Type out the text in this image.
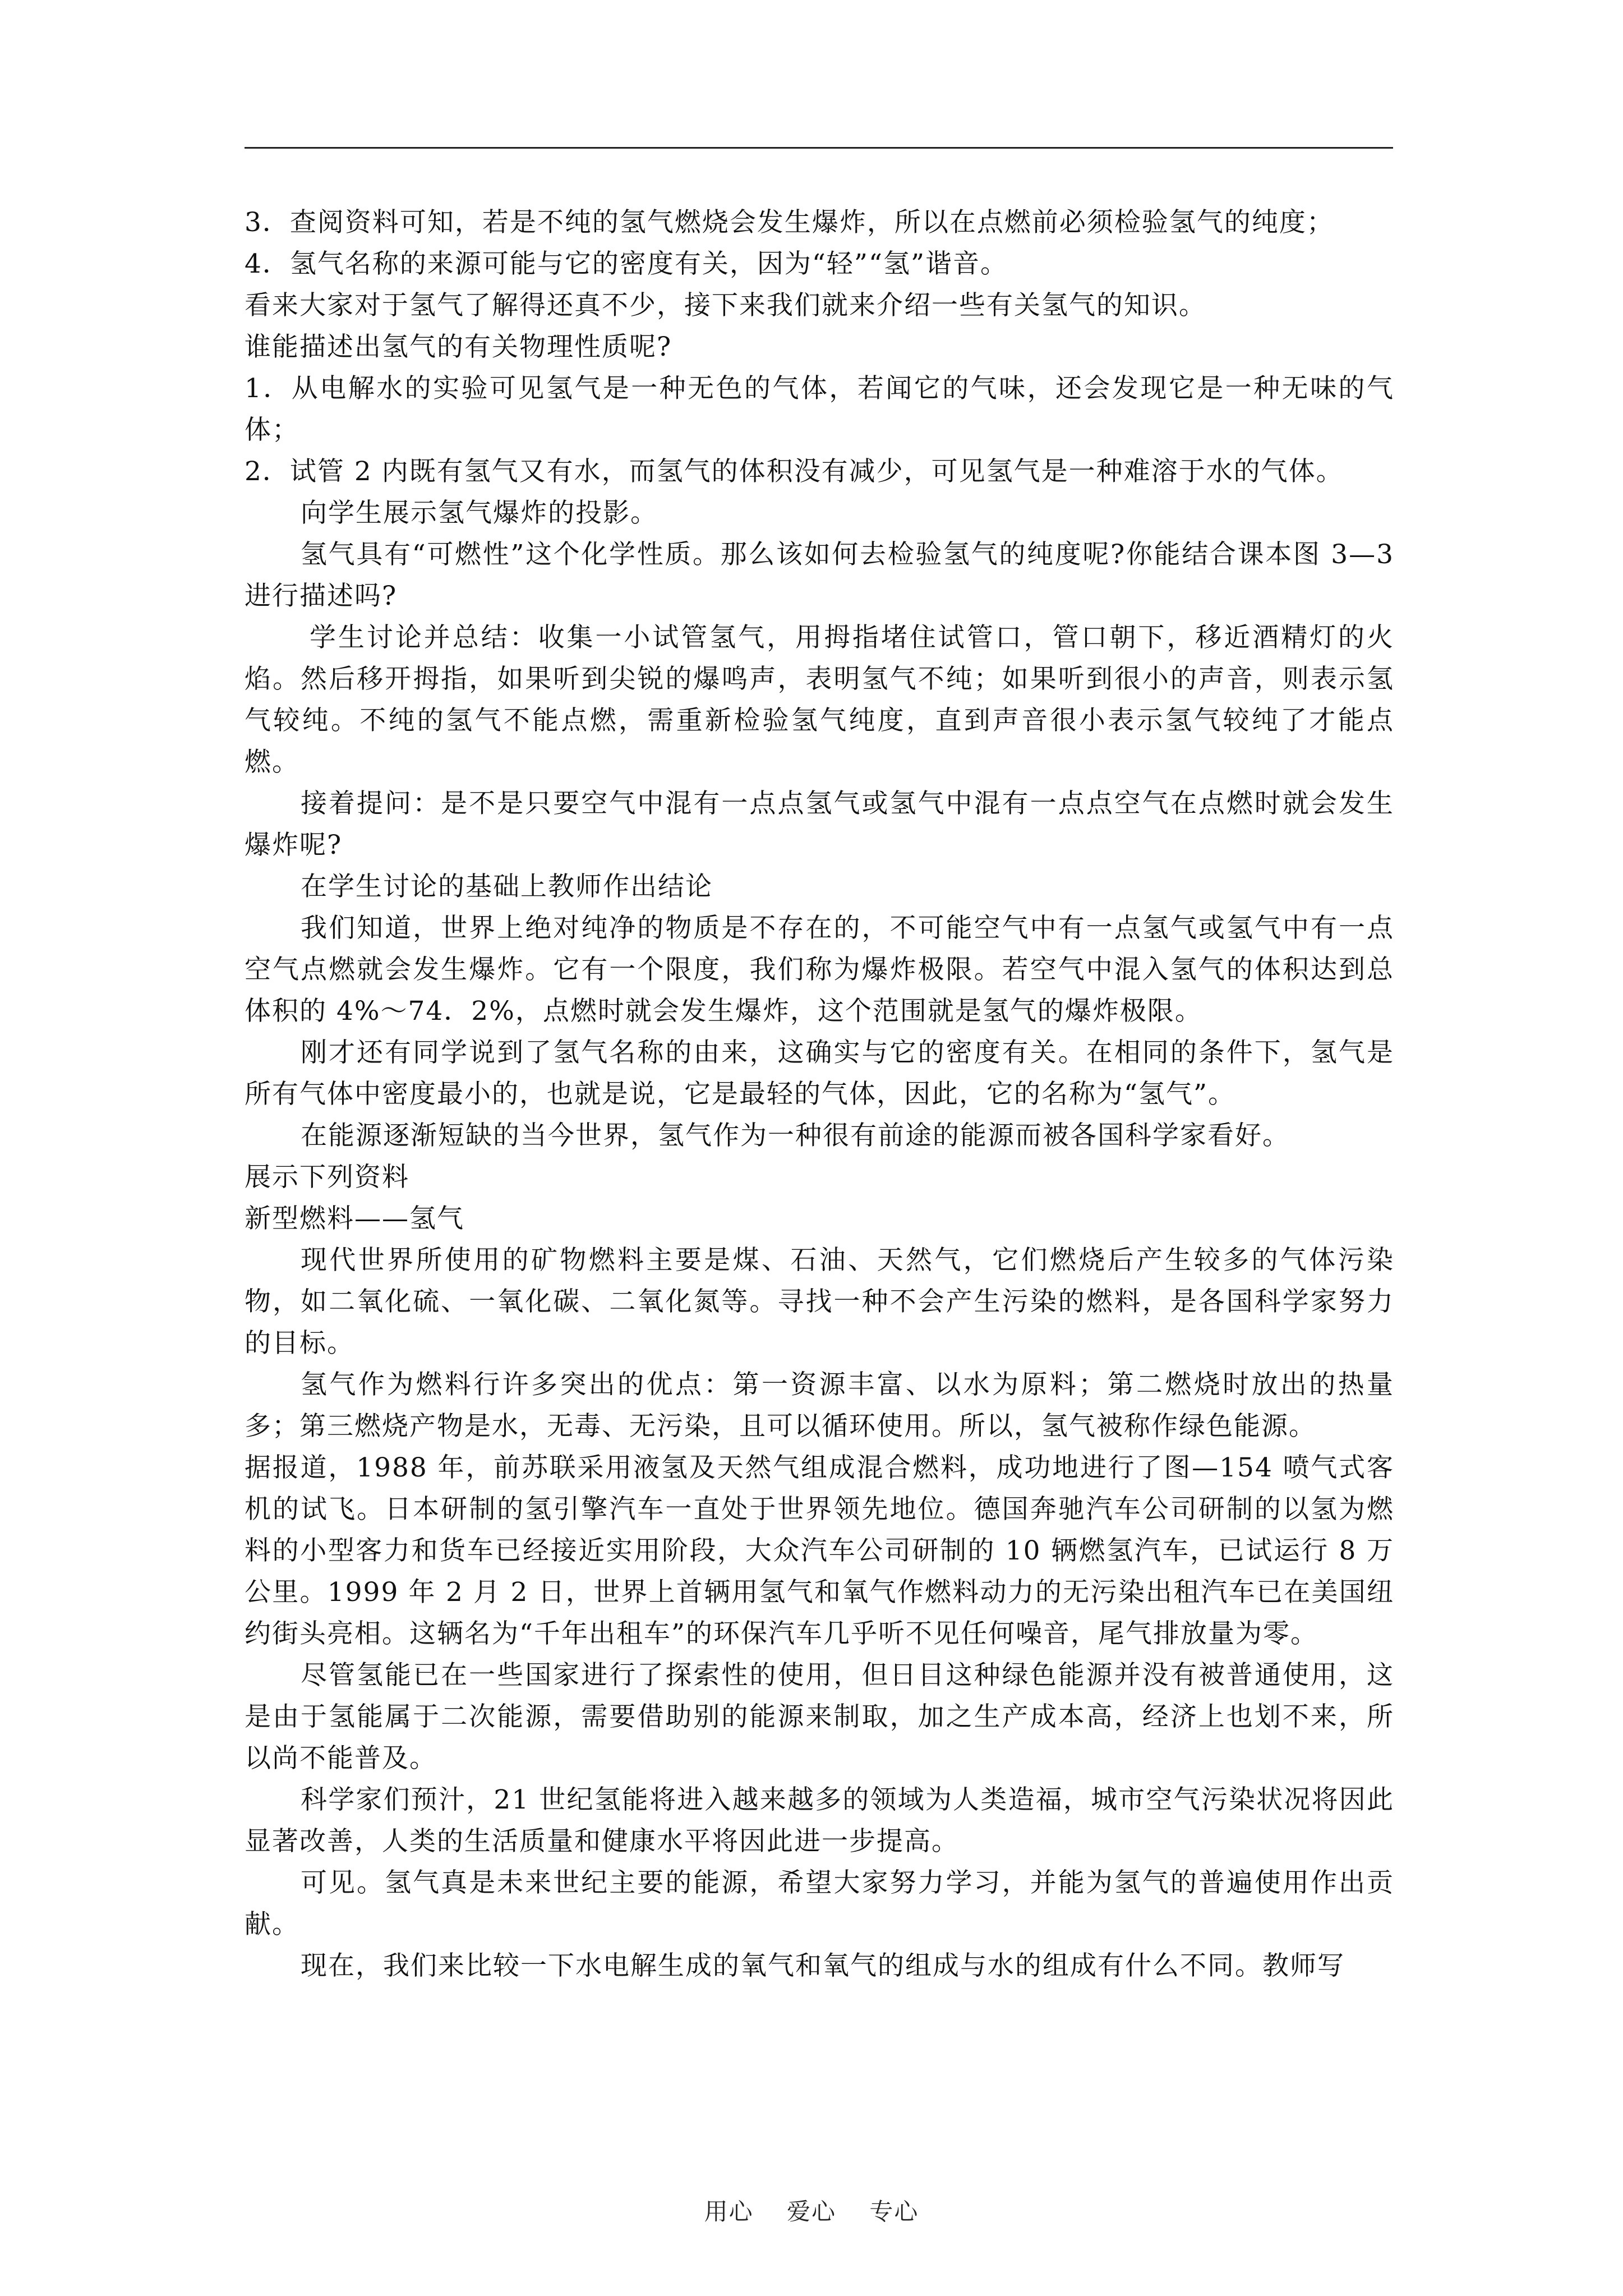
3．查阅资料可知，若是不纯的氢气燃烧会发生爆炸，所以在点燃前必须检验氢气的纯度；

4．氢气名称的来源可能与它的密度有关，因为“轻”“氢”谐音。

看来大家对于氢气了解得还真不少，接下来我们就来介绍一些有关氢气的知识。

谁能描述出氢气的有关物理性质呢?

1．从电解水的实验可见氢气是一种无色的气体，若闻它的气味，还会发现它是一种无味的气体；

2．试管 2 内既有氢气又有水，而氢气的体积没有减少，可见氢气是一种难溶于水的气体。

向学生展示氢气爆炸的投影。

氢气具有“可燃性”这个化学性质。那么该如何去检验氢气的纯度呢?你能结合课本图 3—3 进行描述吗?

学生讨论并总结：收集一小试管氢气，用拇指堵住试管口，管口朝下，移近酒精灯的火焰。然后移开拇指，如果听到尖锐的爆鸣声，表明氢气不纯；如果听到很小的声音，则表示氢气较纯。不纯的氢气不能点燃，需重新检验氢气纯度，直到声音很小表示氢气较纯了才能点燃。

接着提问：是不是只要空气中混有一点点氢气或氢气中混有一点点空气在点燃时就会发生爆炸呢?

在学生讨论的基础上教师作出结论

我们知道，世界上绝对纯净的物质是不存在的，不可能空气中有一点氢气或氢气中有一点空气点燃就会发生爆炸。它有一个限度，我们称为爆炸极限。若空气中混入氢气的体积达到总体积的 4%～74．2%，点燃时就会发生爆炸，这个范围就是氢气的爆炸极限。

刚才还有同学说到了氢气名称的由来，这确实与它的密度有关。在相同的条件下，氢气是所有气体中密度最小的，也就是说，它是最轻的气体，因此，它的名称为“氢气”。

在能源逐渐短缺的当今世界，氢气作为一种很有前途的能源而被各国科学家看好。

展示下列资料

新型燃料——氢气

现代世界所使用的矿物燃料主要是煤、石油、天然气，它们燃烧后产生较多的气体污染物，如二氧化硫、一氧化碳、二氧化氮等。寻找一种不会产生污染的燃料，是各国科学家努力的目标。

氢气作为燃料行许多突出的优点：第一资源丰富、以水为原料；第二燃烧时放出的热量多；第三燃烧产物是水，无毒、无污染，且可以循环使用。所以，氢气被称作绿色能源。

据报道，1988 年，前苏联采用液氢及天然气组成混合燃料，成功地进行了图—154 喷气式客机的试飞。日本研制的氢引擎汽车一直处于世界领先地位。德国奔驰汽车公司研制的以氢为燃料的小型客力和货车已经接近实用阶段，大众汽车公司研制的 10 辆燃氢汽车，已试运行 8 万公里。1999 年 2 月 2 日，世界上首辆用氢气和氧气作燃料动力的无污染出租汽车已在美国纽约街头亮相。这辆名为“千年出租车”的环保汽车几乎听不见任何噪音，尾气排放量为零。

尽管氢能已在一些国家进行了探索性的使用，但日目这种绿色能源并没有被普通使用，这是由于氢能属于二次能源，需要借助别的能源来制取，加之生产成本高，经济上也划不来，所以尚不能普及。

科学家们预汁，21 世纪氢能将进入越来越多的领域为人类造福，城市空气污染状况将因此显著改善，人类的生活质量和健康水平将因此进一步提高。

可见。氢气真是未来世纪主要的能源，希望大家努力学习，并能为氢气的普遍使用作出贡献。

现在，我们来比较一下水电解生成的氧气和氧气的组成与水的组成有什么不同。教师写

用心　 爱心　 专心
